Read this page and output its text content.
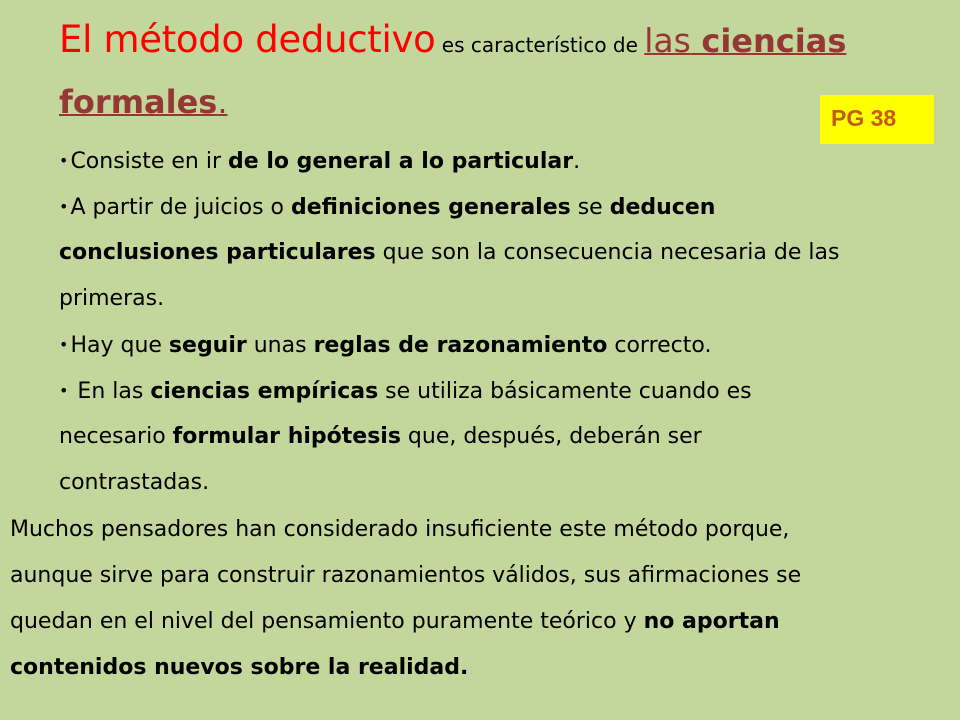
El método deductivo es característico de las ciencias
formales.	PG 38
•Consiste en ir de lo general a lo particular.
•A partir de juicios o definiciones generales se deducen
conclusiones particulares que son la consecuencia necesaria de las
primeras.
•Hay que seguir unas reglas de razonamiento correcto.
• En las ciencias empíricas se utiliza básicamente cuando es
necesario formular hipótesis que, después, deberán ser
contrastadas.
Muchos pensadores han considerado insuficiente este método porque,
aunque sirve para construir razonamientos válidos, sus afirmaciones se
quedan en el nivel del pensamiento puramente teórico y no aportan
contenidos nuevos sobre la realidad.
